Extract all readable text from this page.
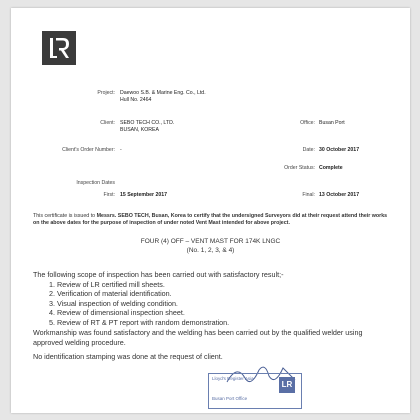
Project: Daewoo S.B. & Marine Eng. Co., Ltd.
Hull No. 2464
Client: SEBO TECH CO., LTD.
BUSAN, KOREA
Office: Busan Port
Client's Order Number: -	Date: 30 October 2017
Order Status: Complete
Inspection Dates
First: 15 September 2017	Final: 13 October 2017
This certificate is issued to Messrs. SEBO TECH, Busan, Korea to certify that the undersigned Surveyors did at their request attend their works on the above dates for the purpose of inspection of under noted Vent Mast intended for above project.
FOUR (4) OFF – VENT MAST FOR 174K LNGC
(No. 1, 2, 3, & 4)
The following scope of inspection has been carried out with satisfactory result;-
1. Review of LR certified mill sheets.
2. Verification of material identification.
3. Visual inspection of welding condition.
4. Review of dimensional inspection sheet.
5. Review of RT & PT report with random demonstration.
Workmanship was found satisfactory and the welding has been carried out by the qualified welder using approved welding procedure.
No identification stamping was done at the request of client.
Lloyd's Register Asia
LR
Busan Port Office
